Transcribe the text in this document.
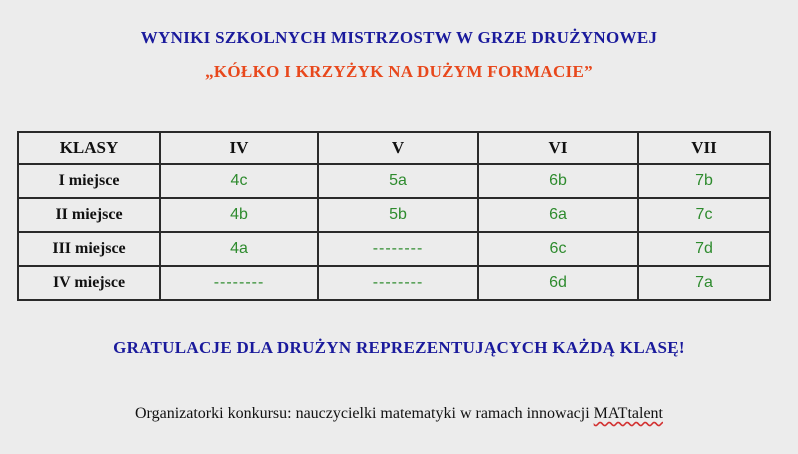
WYNIKI SZKOLNYCH MISTRZOSTW W GRZE DRUŻYNOWEJ
„KÓŁKO I KRZYŻYK NA DUŻYM FORMACIE”
KLASY	IV	V	VI	VII
I miejsce	4c	5a	6b	7b
II miejsce	4b	5b	6a	7c
III miejsce	4a	--------	6c	7d
IV miejsce	--------	--------	6d	7a
GRATULACJE DLA DRUŻYN REPREZENTUJĄCYCH KAŻDĄ KLASĘ!
Organizatorki konkursu: nauczycielki matematyki w ramach innowacji MATtalent
